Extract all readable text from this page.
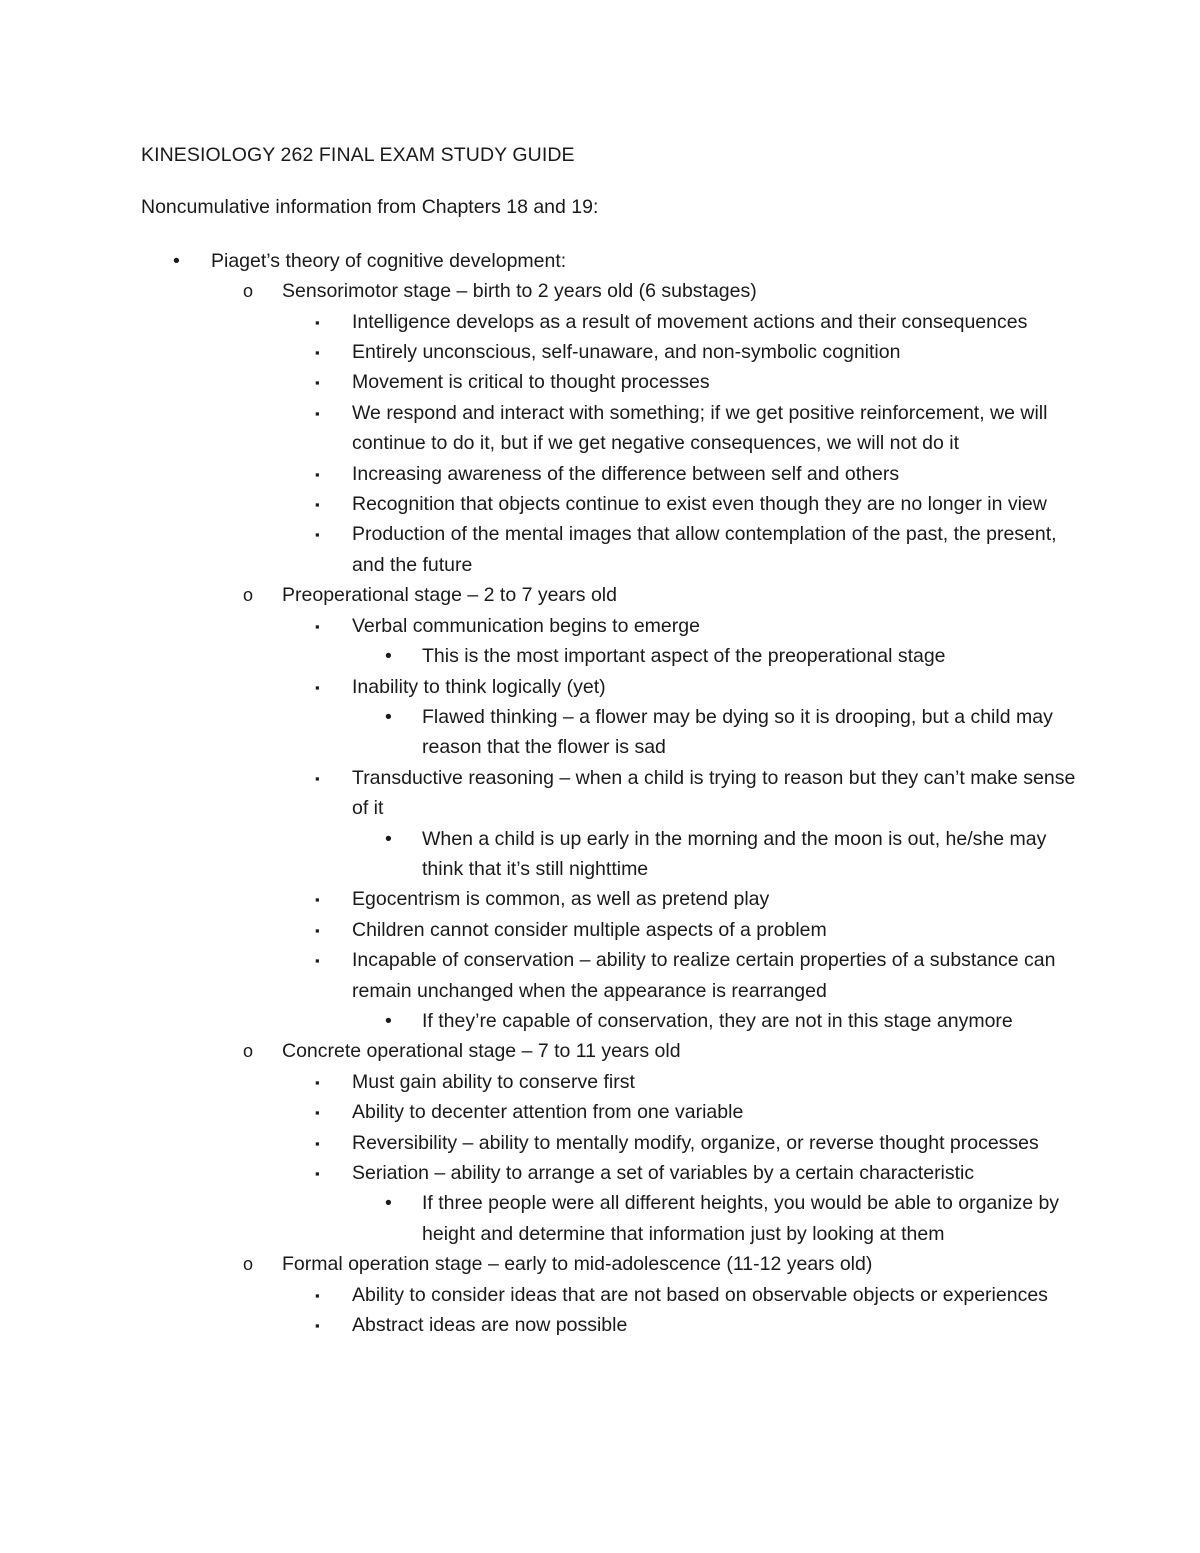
KINESIOLOGY 262 FINAL EXAM STUDY GUIDE

Noncumulative information from Chapters 18 and 19:

•	Piaget’s theory of cognitive development:
o	Sensorimotor stage – birth to 2 years old (6 substages)
▪	Intelligence develops as a result of movement actions and their consequences
▪	Entirely unconscious, self-unaware, and non-symbolic cognition
▪	Movement is critical to thought processes
▪	We respond and interact with something; if we get positive reinforcement, we will continue to do it, but if we get negative consequences, we will not do it
▪	Increasing awareness of the difference between self and others
▪	Recognition that objects continue to exist even though they are no longer in view
▪	Production of the mental images that allow contemplation of the past, the present, and the future
o	Preoperational stage – 2 to 7 years old
▪	Verbal communication begins to emerge
•	This is the most important aspect of the preoperational stage
▪	Inability to think logically (yet)
•	Flawed thinking – a flower may be dying so it is drooping, but a child may reason that the flower is sad
▪	Transductive reasoning – when a child is trying to reason but they can’t make sense of it
•	When a child is up early in the morning and the moon is out, he/she may think that it’s still nighttime
▪	Egocentrism is common, as well as pretend play
▪	Children cannot consider multiple aspects of a problem
▪	Incapable of conservation – ability to realize certain properties of a substance can remain unchanged when the appearance is rearranged
•	If they’re capable of conservation, they are not in this stage anymore
o	Concrete operational stage – 7 to 11 years old
▪	Must gain ability to conserve first
▪	Ability to decenter attention from one variable
▪	Reversibility – ability to mentally modify, organize, or reverse thought processes
▪	Seriation – ability to arrange a set of variables by a certain characteristic
•	If three people were all different heights, you would be able to organize by height and determine that information just by looking at them
o	Formal operation stage – early to mid-adolescence (11-12 years old)
▪	Ability to consider ideas that are not based on observable objects or experiences
▪	Abstract ideas are now possible
